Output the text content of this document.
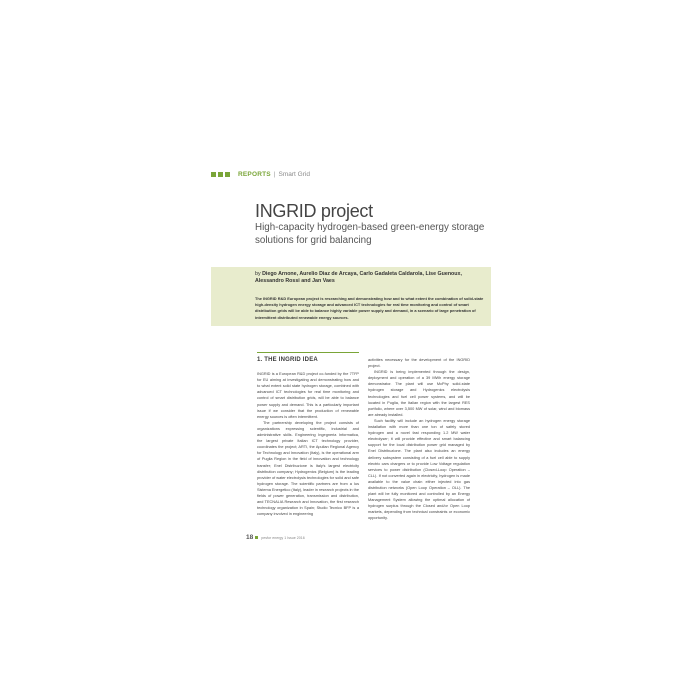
REPORTS | Smart Grid
INGRID project
High-capacity hydrogen-based green-energy storage solutions for grid balancing
by Diego Arnone, Aurelio Diaz de Arcaya, Carlo Gadaleta Caldarola, Lise Guenoux, Alessandro Rossi and Jan Vaes
The INGRID R&D European project is researching and demonstrating how and to what extent the combination of solid-state high-density hydrogen energy storage and advanced ICT technologies for real time monitoring and control of smart distribution grids will be able to balance highly variable power supply and demand, in a scenario of large penetration of intermittent distributed renewable energy sources.
1. THE INGRID IDEA

INGRID is a European R&D project co-funded by the 7TFP for EU aiming at investigating and demonstrating how and to what extent solid state hydrogen storage, combined with advanced ICT technologies for real time monitoring and control of smart distribution grids, will be able to balance power supply and demand. This is a particularly important issue if we consider that the production of renewable energy sources is often intermittent.

The partnership developing the project consists of organizations expressing scientific, industrial and administrative skills. Engineering Ingegneria Informatica, the largest private Italian ICT technology provider, coordinates the project; ARTI, the Apulian Regional Agency for Technology and Innovation (Italy), is the operational arm of Puglia Region in the field of innovation and technology transfer; Enel Distribuzione is Italy's largest electricity distribution company; Hydrogenics (Belgium) is the leading provider of water electrolysis technologies for solid and safe hydrogen storage. The scientific partners are from a Ius Sistema Energetico (Italy), leader in research projects in the fields of power generation, transmission and distribution, and TECNALIA Research and Innovation, the first research technology organization in Spain; Studio Tecnico BFP is a company involved in engineering

activities necessary for the development of the INGRID project.

INGRID is being implemented through the design, deployment and operation of a 39 MWh energy storage demonstrator. The plant will use McPhy solid-state hydrogen storage and Hydrogenics electrolysis technologies and fuel cell power systems, and will be located in Puglia, the Italian region with the largest RES portfolio, where over 3,500 MW of solar, wind and biomass are already installed.

Such facility will include an hydrogen energy storage installation with more than one ton of safely stored hydrogen and a novel fast responding 1.2 MW water electrolyser; it will provide effective and smart balancing support for the local distribution power grid managed by Enel Distribuzione. The plant also includes an energy delivery subsystem consisting of a fuel cell able to supply electric cars chargers or to provide Low Voltage regulation services to power distribution (Closed-Loop Operation – CLL). If not converted again in electricity, hydrogen is made available to the value chain either injected into gas distribution networks (Open Loop Operation – OLL). The plant will be fully monitored and controlled by an Energy Management System allowing the optimal allocation of hydrogen surplus through the Closed and/or Open Loop markets, depending from technical constraints or economic opportunity.

18 pesfor energy 1 Issue 2016
